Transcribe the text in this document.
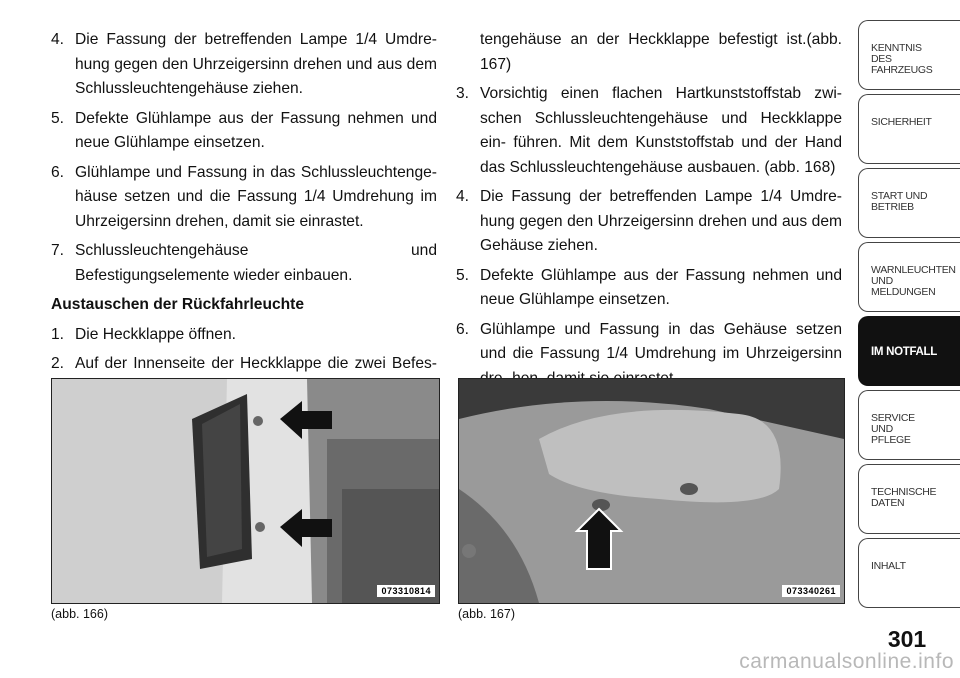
4. Die Fassung der betreffenden Lampe 1/4 Umdre- hung gegen den Uhrzeigersinn drehen und aus dem Schlussleuchtengehäuse ziehen.
5. Defekte Glühlampe aus der Fassung nehmen und neue Glühlampe einsetzen.
6. Glühlampe und Fassung in das Schlussleuchtenge- häuse setzen und die Fassung 1/4 Umdrehung im Uhrzeigersinn drehen, damit sie einrastet.
7. Schlussleuchtengehäuse und Befestigungselemente wieder einbauen.
Austauschen der Rückfahrleuchte
1. Die Heckklappe öffnen.
2. Auf der Innenseite der Heckklappe die zwei Befes-
tengehäuse an der Heckklappe befestigt ist.(abb. 167)
3. Vorsichtig einen flachen Hartkunststoffstab zwi- schen Schlussleuchtengehäuse und Heckklappe ein- führen. Mit dem Kunststoffstab und der Hand das Schlussleuchtengehäuse ausbauen. (abb. 168)
4. Die Fassung der betreffenden Lampe 1/4 Umdre- hung gegen den Uhrzeigersinn drehen und aus dem Gehäuse ziehen.
5. Defekte Glühlampe aus der Fassung nehmen und neue Glühlampe einsetzen.
6. Glühlampe und Fassung in das Gehäuse setzen und die Fassung 1/4 Umdrehung im Uhrzeigersinn
073310814
(abb. 166)
073340261
(abb. 167)
KENNTNIS
DES
FAHRZEUGS
SICHERHEIT
START UND
BETRIEB
WARNLEUCHTEN
UND
MELDUNGEN
IM NOTFALL
SERVICE
UND
PFLEGE
TECHNISCHE
DATEN
INHALT
301
carmanualsonline.info
